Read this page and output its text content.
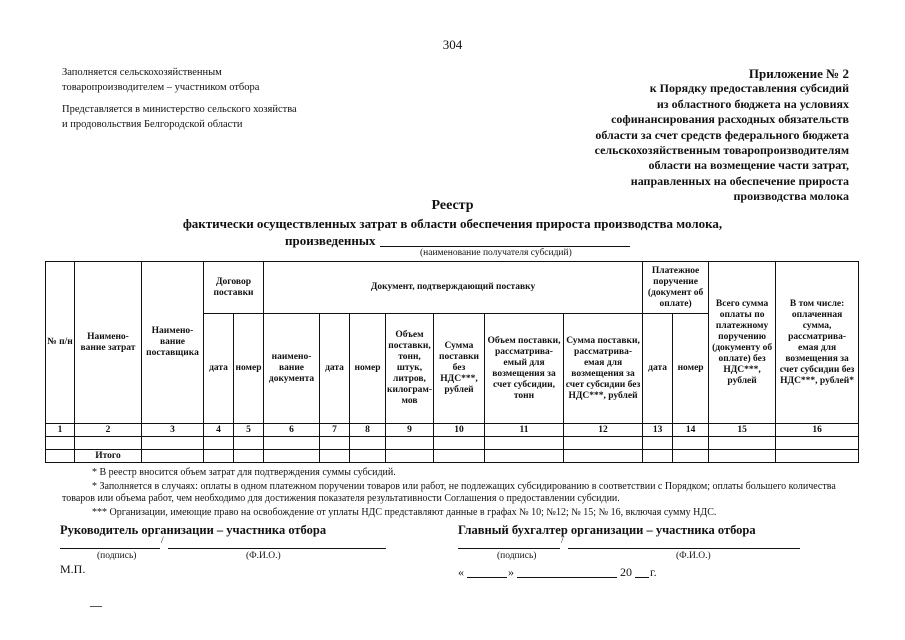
304
Заполняется сельскохозяйственным
товаропроизводителем – участником отбора
Представляется в министерство сельского хозяйства
и продовольствия Белгородской области
Приложение № 2
к Порядку предоставления субсидий
из областного бюджета на условиях
софинансирования расходных обязательств
области за счет средств федерального бюджета
сельскохозяйственным товаропроизводителям
области на возмещение части затрат,
направленных на обеспечение прироста
производства молока
Реестр
фактически осуществленных затрат в области обеспечения прироста производства молока,
произведенных
(наименование получателя субсидий)
№ п/н	Наимено- вание затрат	Наимено- вание поставщика	Договор поставки		Документ, подтверждающий поставку							Платежное поручение (документ об оплате)		Всего сумма оплаты по платежному поручению (документу об оплате) без НДС***, рублей	В том числе: оплаченная сумма, рассматрива- емая для возмещения за счет субсидии без НДС***, рублей*
			дата	номер	наимено- вание документа	дата	номер	Объем поставки, тонн, штук, литров, килограм- мов	Сумма поставки без НДС***, рублей	Объем поставки, рассматрива- емый для возмещения за счет субсидии, тонн	Сумма поставки, рассматрива- емая для возмещения за счет субсидии без НДС***, рублей	дата	номер		
1	2	3	4	5	6	7	8	9	10	11	12	13	14	15	16

	Итого														
* В реестр вносится объем затрат для подтверждения суммы субсидий.
* Заполняется в случаях: оплаты в одном платежном поручении товаров или работ, не подлежащих субсидированию в соответствии с Порядком; оплаты большего количества товаров или объема работ, чем необходимо для достижения показателя результативности Соглашения о предоставлении субсидии.
*** Организации, имеющие право на освобождение от уплаты НДС представляют данные в графах № 10; №12; № 15; № 16, включая сумму НДС.
Руководитель организации – участника отбора
/
(подпись)	(Ф.И.О.)
М.П.
Главный бухгалтер организации – участника отбора
/
(подпись)	(Ф.И.О.)
«	»	20 г.
